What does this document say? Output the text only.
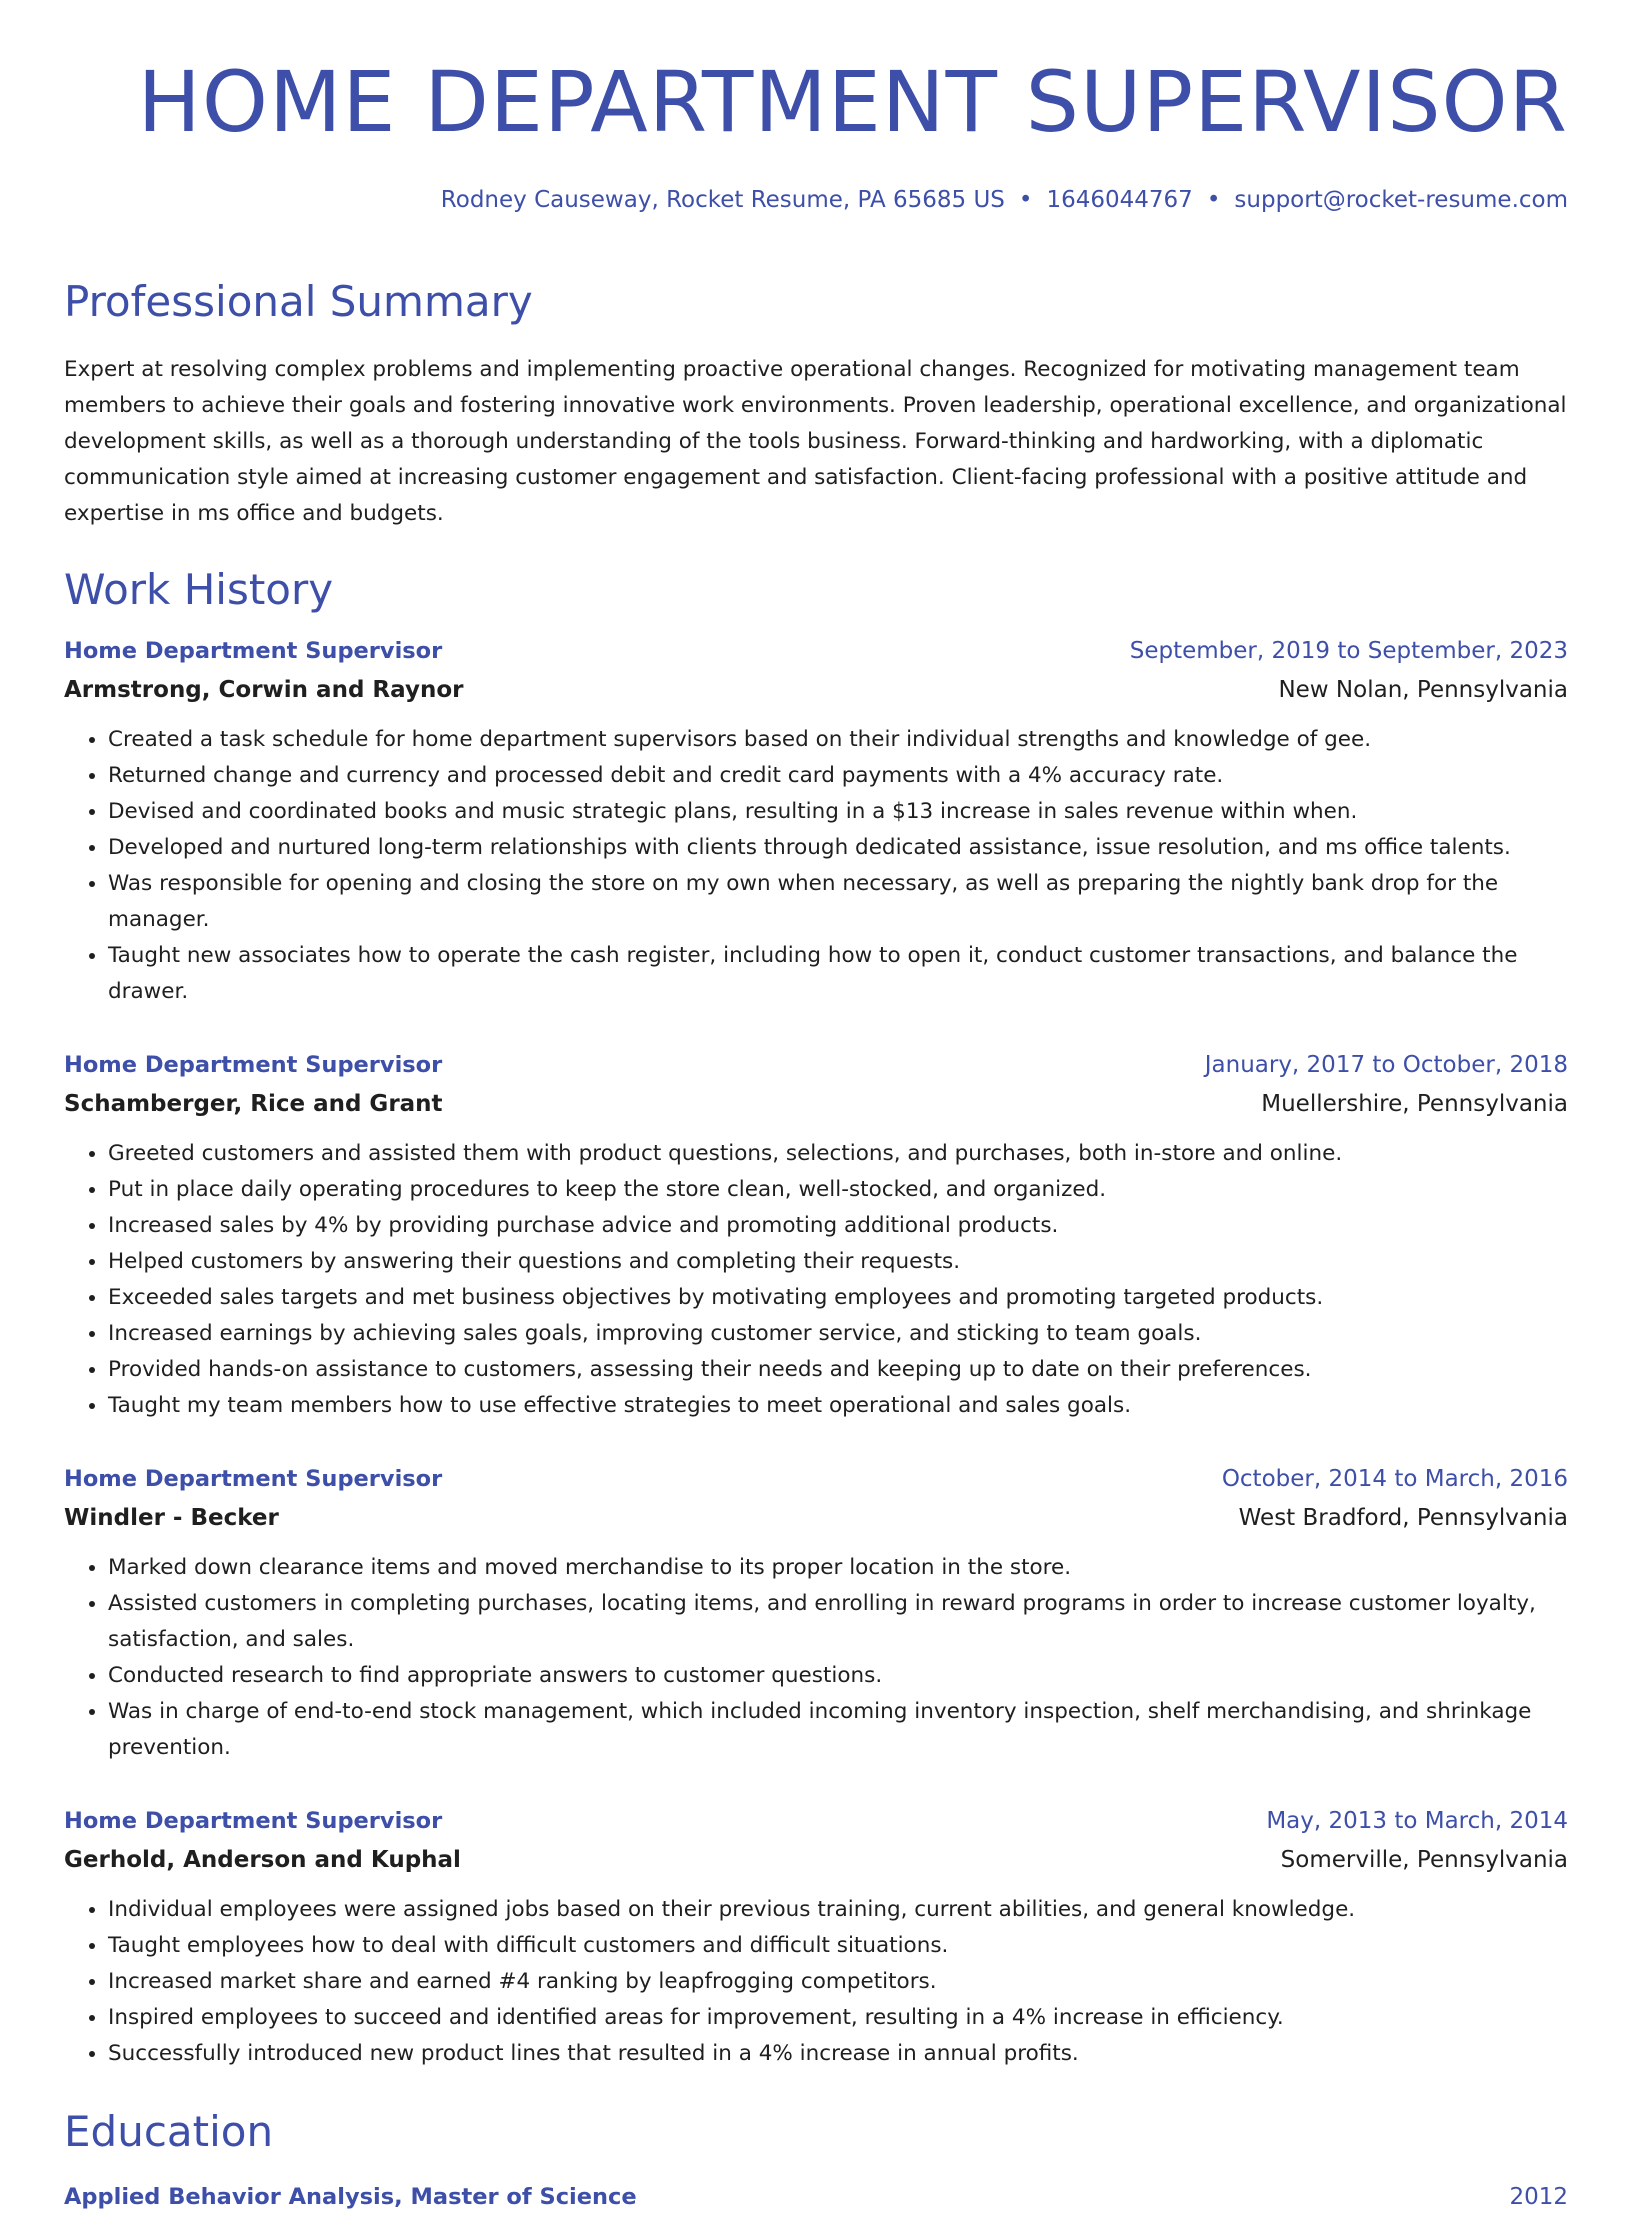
HOME DEPARTMENT SUPERVISOR
Rodney Causeway, Rocket Resume, PA 65685 US • 1646044767 • support@rocket-resume.com
Professional Summary
Expert at resolving complex problems and implementing proactive operational changes. Recognized for motivating management team members to achieve their goals and fostering innovative work environments. Proven leadership, operational excellence, and organizational development skills, as well as a thorough understanding of the tools business. Forward-thinking and hardworking, with a diplomatic communication style aimed at increasing customer engagement and satisfaction. Client-facing professional with a positive attitude and expertise in ms office and budgets.
Work History
Home Department Supervisor	September, 2019 to September, 2023
Armstrong, Corwin and Raynor	New Nolan, Pennsylvania
• Created a task schedule for home department supervisors based on their individual strengths and knowledge of gee.
• Returned change and currency and processed debit and credit card payments with a 4% accuracy rate.
• Devised and coordinated books and music strategic plans, resulting in a $13 increase in sales revenue within when.
• Developed and nurtured long-term relationships with clients through dedicated assistance, issue resolution, and ms office talents.
• Was responsible for opening and closing the store on my own when necessary, as well as preparing the nightly bank drop for the manager.
• Taught new associates how to operate the cash register, including how to open it, conduct customer transactions, and balance the drawer.
Home Department Supervisor	January, 2017 to October, 2018
Schamberger, Rice and Grant	Muellershire, Pennsylvania
• Greeted customers and assisted them with product questions, selections, and purchases, both in-store and online.
• Put in place daily operating procedures to keep the store clean, well-stocked, and organized.
• Increased sales by 4% by providing purchase advice and promoting additional products.
• Helped customers by answering their questions and completing their requests.
• Exceeded sales targets and met business objectives by motivating employees and promoting targeted products.
• Increased earnings by achieving sales goals, improving customer service, and sticking to team goals.
• Provided hands-on assistance to customers, assessing their needs and keeping up to date on their preferences.
• Taught my team members how to use effective strategies to meet operational and sales goals.
Home Department Supervisor	October, 2014 to March, 2016
Windler - Becker	West Bradford, Pennsylvania
• Marked down clearance items and moved merchandise to its proper location in the store.
• Assisted customers in completing purchases, locating items, and enrolling in reward programs in order to increase customer loyalty, satisfaction, and sales.
• Conducted research to find appropriate answers to customer questions.
• Was in charge of end-to-end stock management, which included incoming inventory inspection, shelf merchandising, and shrinkage prevention.
Home Department Supervisor	May, 2013 to March, 2014
Gerhold, Anderson and Kuphal	Somerville, Pennsylvania
• Individual employees were assigned jobs based on their previous training, current abilities, and general knowledge.
• Taught employees how to deal with difficult customers and difficult situations.
• Increased market share and earned #4 ranking by leapfrogging competitors.
• Inspired employees to succeed and identified areas for improvement, resulting in a 4% increase in efficiency.
• Successfully introduced new product lines that resulted in a 4% increase in annual profits.
Education
Applied Behavior Analysis, Master of Science	2012
